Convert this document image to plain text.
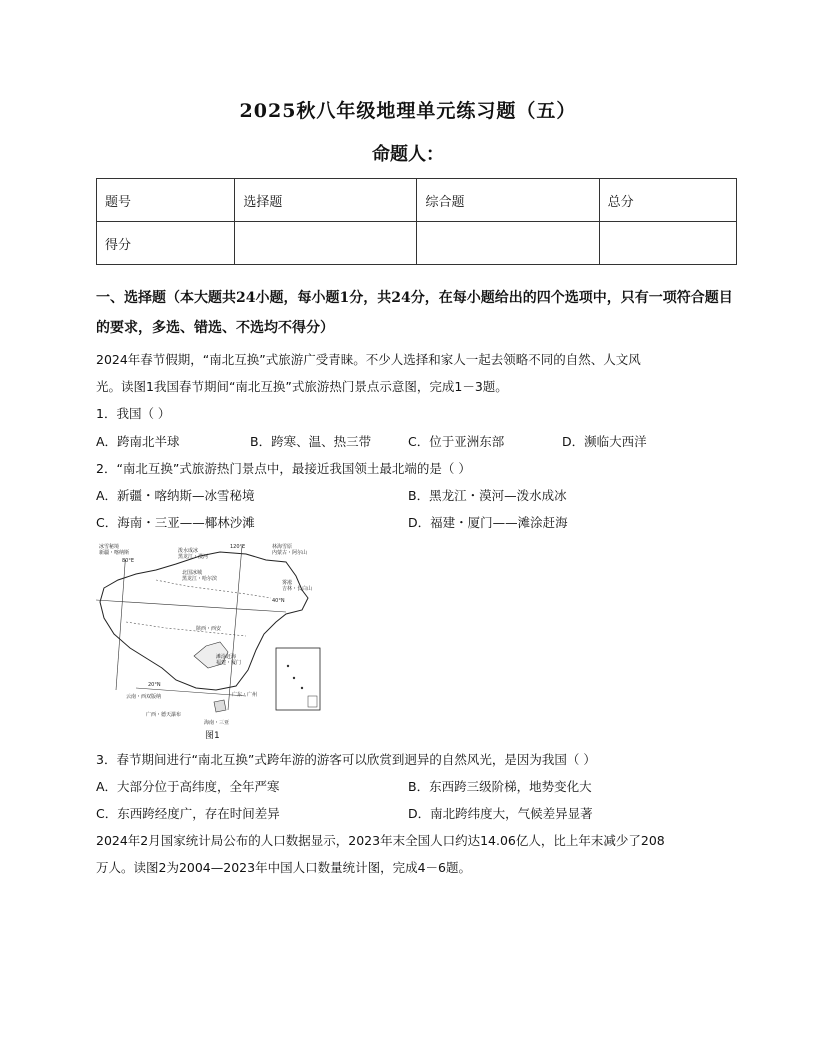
2025秋八年级地理单元练习题（五）
命题人：
题号	选择题	综合题	总分
得分			
一、选择题（本大题共24小题，每小题1分，共24分，在每小题给出的四个选项中，只有一项符合题目的要求，多选、错选、不选均不得分）
2024年春节假期，“南北互换”式旅游广受青睐。不少人选择和家人一起去领略不同的自然、人文风
光。读图1我国春节期间“南北互换”式旅游热门景点示意图，完成1－3题。
1．我国（ ）
A．跨南北半球	B．跨寒、温、热三带	C．位于亚洲东部	D．濒临大西洋
2．“南北互换”式旅游热门景点中，最接近我国领土最北端的是（ ）
A．新疆・喀纳斯—冰雪秘境	B．黑龙江・漠河—泼水成冰
C．海南・三亚——椰林沙滩	D．福建・厦门——滩涂赶海
冰雪秘境
新疆・喀纳斯
80°E
泼水成冰
黑龙江・漠河
120°E	林海雪原
内蒙古・阿尔山
北国冰城
黑龙江・哈尔滨
40°N
雾凇
吉林・长白山
陕西・西安
滩涂赶海
福建・厦门
20°N
广东・广州
海南・三亚
云南・西双版纳
广西・德天瀑布
图1
3．春节期间进行“南北互换”式跨年游的游客可以欣赏到迥异的自然风光，是因为我国（ ）
A．大部分位于高纬度，全年严寒	B．东西跨三级阶梯，地势变化大
C．东西跨经度广，存在时间差异	D．南北跨纬度大，气候差异显著
2024年2月国家统计局公布的人口数据显示，2023年末全国人口约达14.06亿人，比上年末减少了208
万人。读图2为2004—2023年中国人口数量统计图，完成4－6题。
